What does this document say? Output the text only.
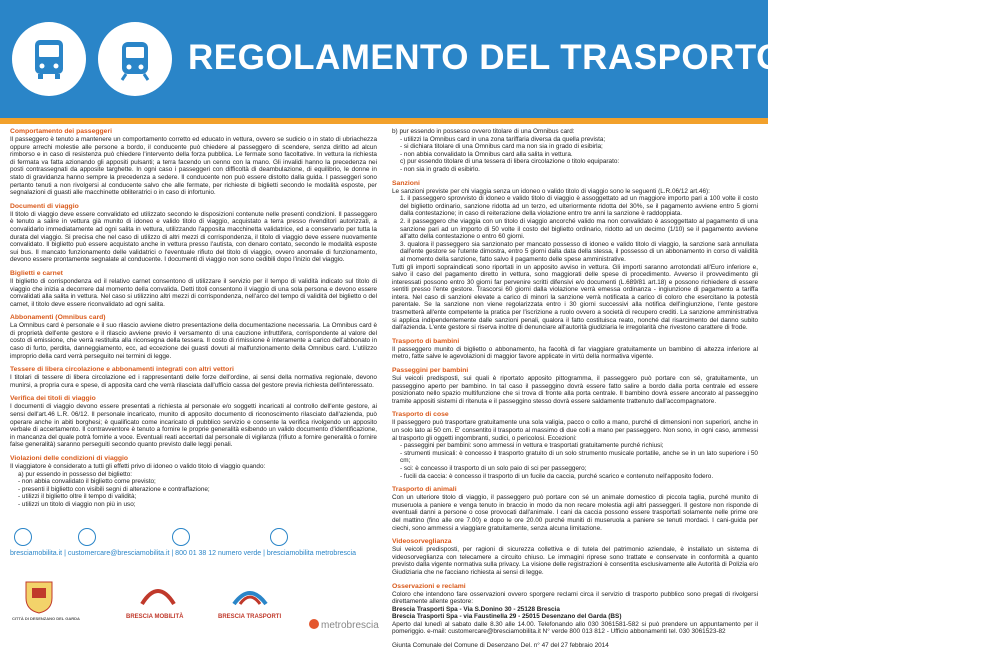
REGOLAMENTO DEL TRASPORTO PUBBLICO
Comportamento dei passeggeri
Il passeggero è tenuto a mantenere un comportamento corretto ed educato in vettura, ovvero se sudicio o in stato di ubriachezza oppure arrechi molestie alle persone a bordo, il conducente può chiedere al passeggero di scendere, senza diritto ad alcun rimborso e in caso di resistenza può chiedere l'intervento della forza pubblica. Le fermate sono facoltative. In vettura la richiesta di fermata va fatta azionando gli appositi pulsanti; a terra facendo un cenno con la mano. Gli invalidi hanno la precedenza nei posti contrassegnati da apposite targhette. In ogni caso i passeggeri con difficoltà di deambulazione, di equilibrio, le donne in stato di gravidanza hanno sempre la precedenza a sedere. Il conducente non può essere distolto dalla guida. I passeggeri sono pertanto tenuti a non rivolgersi al conducente salvo che alle fermate, per richieste di biglietti secondo le modalità esposte, per segnalazioni di guasti alle macchinette obliteratrici o in caso di infortunio.
Documenti di viaggio
Il titolo di viaggio deve essere convalidato ed utilizzato secondo le disposizioni contenute nelle presenti condizioni. Il passeggero è tenuto a salire in vettura già munito di idoneo e valido titolo di viaggio, acquistato a terra presso rivenditori autorizzati, a convalidarlo immediatamente ad ogni salita in vettura, utilizzando l'apposita macchinetta validatrice, ed a conservarlo per tutta la durata del viaggio. Si precisa che nel caso di utilizzo di altri mezzi di corrispondenza, il titolo di viaggio deve essere nuovamente convalidato. Il biglietto può essere acquistato anche in vettura presso l'autista, con denaro contato, secondo le modalità esposte sui bus. Il mancato funzionamento delle validatrici o l'eventuale rifiuto del titolo di viaggio, ovvero anomalie di funzionamento, devono essere prontamente segnalate al conducente. I documenti di viaggio non sono cedibili dopo l'inizio del viaggio.
Biglietti e carnet
Il biglietto di corrispondenza ed il relativo carnet consentono di utilizzare il servizio per il tempo di validità indicato sul titolo di viaggio che inizia a decorrere dal momento della convalida. Detti titoli consentono il viaggio di una sola persona e devono essere convalidati alla salita in vettura. Nel caso si utilizzino altri mezzi di corrispondenza, nell'arco del tempo di validità del biglietto o del carnet, il titolo deve essere riconvalidato ad ogni salita.
Abbonamenti (Omnibus card)
La Omnibus card è personale e il suo rilascio avviene dietro presentazione della documentazione necessaria. La Omnibus card è di proprietà dell'ente gestore e il rilascio avviene previo il versamento di una cauzione infruttifera, corrispondente al valore del costo di emissione, che verrà restituita alla riconsegna della tessera. Il costo di rimissione è interamente a carico dell'abbonato in caso di furto, perdita, danneggiamento, ecc, ad eccezione dei guasti dovuti al malfunzionamento della Omnibus card. L'utilizzo improprio della card verrà perseguito nei termini di legge.
Tessere di libera circolazione e abbonamenti integrati con altri vettori
I titolari di tessere di libera circolazione ed i rappresentanti delle forze dell'ordine, ai sensi della normativa regionale, devono munirsi, a propria cura e spese, di apposita card che verrà rilasciata dall'ufficio cassa del gestore previa richiesta dell'interessato.
Verifica dei titoli di viaggio
I documenti di viaggio devono essere presentati a richiesta al personale e/o soggetti incaricati al controllo dell'ente gestore, ai sensi dell'art.46 L.R. 06/12. Il personale incaricato, munito di apposito documento di riconoscimento rilasciato dall'azienda, può operare anche in abiti borghesi; è qualificato come incaricato di pubblico servizio e consente la verifica rivolgendo un apposito verbale di accertamento. Il contravventore è tenuto a fornire le proprie generalità esibendo un valido documento d'identificazione, in mancanza del quale potrà fornirle a voce. Eventuali reati accertati dal personale di vigilanza (rifiuto a fornire generalità o fornire false generalità) saranno perseguiti secondo quanto previsto dalle leggi penali.
Violazioni delle condizioni di viaggio
Il viaggiatore è considerato a tutti gli effetti privo di idoneo o valido titolo di viaggio quando:
a) pur essendo in possesso del biglietto:
- non abbia convalidato il biglietto come previsto;
- presenti il biglietto con visibili segni di alterazione e contraffazione;
- utilizzi il biglietto oltre il tempo di validità;
- utilizzi un titolo di viaggio non più in uso;
b) pur essendo in possesso ovvero titolare di una Omnibus card:
- utilizzi la Omnibus card in una zona tariffaria diversa da quella prevista;
- si dichiara titolare di una Omnibus card ma non sia in grado di esibirla;
- non abbia convalidato la Omnibus card alla salita in vettura.
c) pur essendo titolare di una tessera di libera circolazione o titolo equiparato:
- non sia in grado di esibirlo.
Sanzioni
Le sanzioni previste per chi viaggia senza un idoneo o valido titolo di viaggio sono le seguenti (L.R.06/12 art.46):
1. il passeggero sprovvisto di idoneo e valido titolo di viaggio è assoggettato ad un maggiore importo pari a 100 volte il costo del biglietto ordinario, sanzione ridotta ad un terzo, ed ulteriormente ridotta del 30%, se il pagamento avviene entro 5 giorni dalla contestazione; in caso di reiterazione della violazione entro tre anni la sanzione è raddoppiata.
2. il passeggero che viaggia con un titolo di viaggio ancorché valido ma non convalidato è assoggettato al pagamento di una sanzione pari ad un importo di 50 volte il costo del biglietto ordinario, ridotto ad un decimo (1/10) se il pagamento avviene all'atto della contestazione o entro 60 giorni.
3. qualora il passeggero sia sanzionato per mancato possesso di idoneo e valido titolo di viaggio, la sanzione sarà annullata dall'ente gestore se l'utente dimostra, entro 5 giorni dalla data della stessa, il possesso di un abbonamento in corso di validità al momento della sanzione, fatto salvo il pagamento delle spese amministrative.
Tutti gli importi sopraindicati sono riportati in un apposito avviso in vettura. Gli importi saranno arrotondati all'Euro inferiore e, salvo il caso del pagamento diretto in vettura, sono maggiorati delle spese di procedimento. Avverso il provvedimento gli interessati possono entro 30 giorni far pervenire scritti difensivi e/o documenti (L.689/81 art.18) e possono richiedere di essere sentiti presso l'ente gestore. Trascorsi 60 giorni dalla violazione verrà emessa ordinanza - ingiunzione di pagamento a tariffa intera. Nel caso di sanzioni elevate a carico di minori la sanzione verrà notificata a carico di coloro che esercitano la potestà parentale. Se la sanzione non viene regolarizzata entro i 30 giorni successivi alla notifica dell'ingiunzione, l'ente gestore trasmetterà all'ente competente la pratica per l'iscrizione a ruolo ovvero a società di recupero crediti. La sanzione amministrativa si applica indipendentemente dalle sanzioni penali, qualora il fatto costituisca reato, nonché dal risarcimento del danno subito dall'azienda. L'ente gestore si riserva inoltre di denunciare all'autorità giudiziaria le irregolarità che rivestono carattere di frode.
Trasporto di bambini
Il passeggero munito di biglietto o abbonamento, ha facoltà di far viaggiare gratuitamente un bambino di altezza inferiore al metro, fatte salve le agevolazioni di maggior favore applicate in virtù della normativa vigente.
Passeggini per bambini
Sui veicoli predisposti, sui quali è riportato apposito pittogramma, il passeggero può portare con sé, gratuitamente, un passeggino aperto per bambino. In tal caso il passeggino dovrà essere fatto salire a bordo dalla porta centrale ed essere posizionato nello spazio multifunzione che si trova di fronte alla porta centrale. Il bambino dovrà essere ancorato al passeggino tramite appositi sistemi di ritenuta e il passeggino stesso dovrà essere saldamente trattenuto dall'accompagnatore.
Trasporto di cose
Il passeggero può trasportare gratuitamente una sola valigia, pacco o collo a mano, purché di dimensioni non superiori, anche in un solo lato ai 50 cm. E' consentito il trasporto al massimo di due colli a mano per passeggero. Non sono, in ogni caso, ammessi al trasporto gli oggetti ingombranti, sudici, o pericolosi. Eccezioni:
- passeggini per bambini: sono ammessi in vettura e trasportati gratuitamente purché richiusi;
- strumenti musicali: è concesso il trasporto gratuito di un solo strumento musicale portatile, anche se in un lato superiore i 50 cm;
- sci: è concesso il trasporto di un solo paio di sci per passeggero;
- fucili da caccia: è concesso il trasporto di un fucile da caccia, purché scarico e contenuto nell'apposito fodero.
Trasporto di animali
Con un ulteriore titolo di viaggio, il passeggero può portare con sé un animale domestico di piccola taglia, purché munito di museruola a paniere e venga tenuto in braccio in modo da non recare molestia agli altri passeggeri. Il gestore non risponde di eventuali danni a persone o cose provocati dall'animale. I cani da caccia possono essere trasportati solamente nelle prime ore del mattino (fino alle ore 7.00) e dopo le ore 20.00 purché muniti di museruola a paniere se tenuti mordaci. I cani-guida per ciechi, sono ammessi a viaggiare gratuitamente, senza alcuna limitazione.
Videosorveglianza
Sui veicoli predisposti, per ragioni di sicurezza collettiva e di tutela del patrimonio aziendale, è installato un sistema di videosorveglianza con telecamere a circuito chiuso. Le immagini riprese sono trattate e conservate in conformità a quanto previsto dalla vigente normativa sulla privacy. La visione delle registrazioni è consentita esclusivamente alle Autorità di Polizia e/o Giudiziaria che ne facciano richiesta ai sensi di legge.
Osservazioni e reclami
Coloro che intendono fare osservazioni ovvero sporgere reclami circa il servizio di trasporto pubblico sono pregati di rivolgersi direttamente allente gestore:
Brescia Trasporti Spa - Via S.Donino 30 - 25128 Brescia
Brescia Trasporti Spa - via Faustinella 29 - 25015 Desenzano del Garda (BS)
Aperto dal lunedì al sabato dalle 8.30 alle 14.00. Telefonando allo 030 3061581-582 si può prendere un appuntamento per il pomeriggio. e-mail: customercare@bresciamobilita.it N° verde 800 013 812 - Ufficio abbonamenti tel. 030 3061523-82
Giunta Comunale del Comune di Desenzano Del. n° 47 del 27 febbraio 2014
bresciamobilita.it | customercare@bresciamobilita.it | 800 01 38 12 numero verde | bresciamobilita metrobrescia
CITTÀ DI DESENZANO DEL GARDA	BRESCIA MOBILITÀ	BRESCIA TRASPORTI
metrobrescia
